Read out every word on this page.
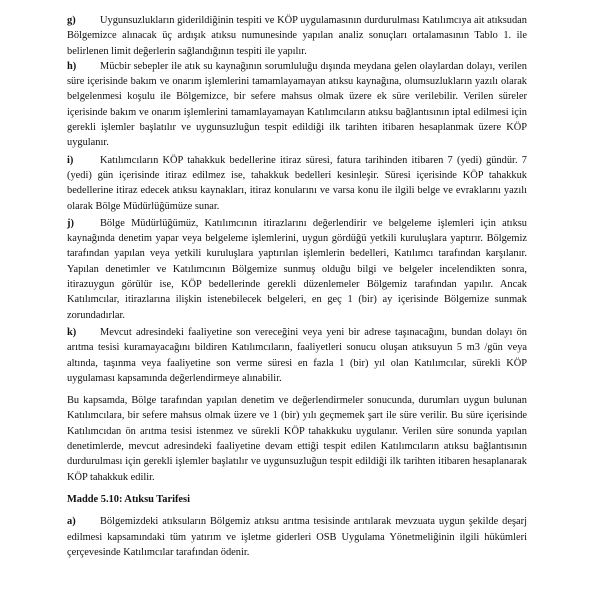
g) Uygunsuzlukların giderildiğinin tespiti ve KÖP uygulamasının durdurulması Katılımcıya ait atıksudan Bölgemizce alınacak üç ardışık atıksu numunesinde yapılan analiz sonuçları ortalamasının Tablo 1. ile belirlenen limit değerlerin sağlandığının tespiti ile yapılır.

h) Mücbir sebepler ile atık su kaynağının sorumluluğu dışında meydana gelen olaylardan dolayı, verilen süre içerisinde bakım ve onarım işlemlerini tamamlayamayan atıksu kaynağına, olumsuzlukların yazılı olarak belgelenmesi koşulu ile Bölgemizce, bir sefere mahsus olmak üzere ek süre verilebilir. Verilen süreler içerisinde bakım ve onarım işlemlerini tamamlayamayan Katılımcıların atıksu bağlantısının iptal edilmesi için gerekli işlemler başlatılır ve uygunsuzluğun tespit edildiği ilk tarihten itibaren hesaplanmak üzere KÖP uygulanır.

i)	Katılımcıların KÖP tahakkuk bedellerine itiraz süresi, fatura tarihinden itibaren 7 (yedi) gündür. 7 (yedi) gün içerisinde itiraz edilmez ise, tahakkuk bedelleri kesinleşir. Süresi içerisinde KÖP tahakkuk bedellerine itiraz edecek atıksu kaynakları, itiraz konularını ve varsa konu ile ilgili belge ve evraklarını yazılı olarak Bölge Müdürlüğümüze sunar.

j)	Bölge Müdürlüğümüz, Katılımcının itirazlarını değerlendirir ve belgeleme işlemleri için atıksu kaynağında denetim yapar veya belgeleme işlemlerini, uygun gördüğü yetkili kuruluşlara yaptırır. Bölgemiz tarafından yapılan veya yetkili kuruluşlara yaptırılan işlemlerin bedelleri, Katılımcı tarafından karşılanır. Yapılan denetimler ve Katılımcının Bölgemize sunmuş olduğu bilgi ve belgeler incelendikten sonra, itirazuygun görülür ise, KÖP bedellerinde gerekli düzenlemeler Bölgemiz tarafından yapılır. Ancak Katılımcılar, itirazlarına ilişkin istenebilecek belgeleri, en geç 1 (bir) ay içerisinde Bölgemize sunmak zorundadırlar.

k) Mevcut adresindeki faaliyetine son vereceğini veya yeni bir adrese taşınacağını, bundan dolayı ön arıtma tesisi kuramayacağını bildiren Katılımcıların, faaliyetleri sonucu oluşan atıksuyun 5 m3 /gün veya altında, taşınma veya faaliyetine son verme süresi en fazla 1 (bir) yıl olan Katılımcılar, sürekli KÖP uygulaması kapsamında değerlendirmeye alınabilir.

Bu kapsamda, Bölge tarafından yapılan denetim ve değerlendirmeler sonucunda, durumları uygun bulunan Katılımcılara, bir sefere mahsus olmak üzere ve 1 (bir) yılı geçmemek şart ile süre verilir. Bu süre içerisinde Katılımcıdan ön arıtma tesisi istenmez ve sürekli KÖP tahakkuku uygulanır. Verilen süre sonunda yapılan denetimlerde, mevcut adresindeki faaliyetine devam ettiği tespit edilen Katılımcıların atıksu bağlantısının durdurulması için gerekli işlemler başlatılır ve uygunsuzluğun tespit edildiği ilk tarihten itibaren hesaplanarak KÖP tahakkuk edilir.

Madde 5.10: Atıksu Tarifesi

a) Bölgemizdeki atıksuların Bölgemiz atıksu arıtma tesisinde arıtılarak mevzuata uygun şekilde deşarj edilmesi kapsamındaki tüm yatırım ve işletme giderleri OSB Uygulama Yönetmeliğinin ilgili hükümleri çerçevesinde Katılımcılar tarafından ödenir.
